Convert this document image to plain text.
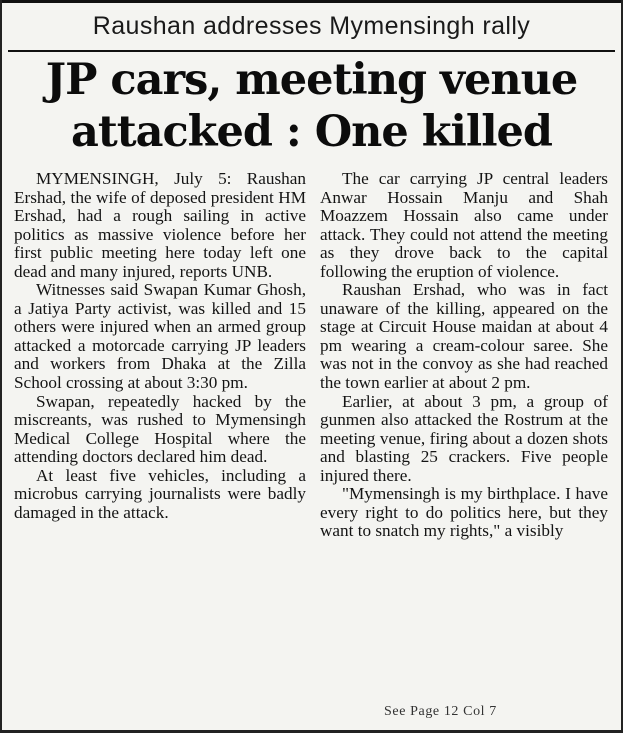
Raushan addresses Mymensingh rally
JP cars, meeting venue
attacked : One killed

MYMENSINGH, July 5: Raushan Ershad, the wife of deposed president HM Ershad, had a rough sailing in active politics as massive violence before her first public meeting here today left one dead and many injured, reports UNB.

Witnesses said Swapan Kumar Ghosh, a Jatiya Party activist, was killed and 15 others were injured when an armed group attacked a motorcade carrying JP leaders and workers from Dhaka at the Zilla School crossing at about 3:30 pm.

Swapan, repeatedly hacked by the miscreants, was rushed to Mymensingh Medical College Hospital where the attending doctors declared him dead.

At least five vehicles, including a microbus carrying journalists were badly damaged in the attack.

The car carrying JP central leaders Anwar Hossain Manju and Shah Moazzem Hossain also came under attack. They could not attend the meeting as they drove back to the capital following the eruption of violence.

Raushan Ershad, who was in fact unaware of the killing, appeared on the stage at Circuit House maidan at about 4 pm wearing a cream-colour saree. She was not in the convoy as she had reached the town earlier at about 2 pm.

Earlier, at about 3 pm, a group of gunmen also attacked the Rostrum at the meeting venue, firing about a dozen shots and blasting 25 crackers. Five people injured there.

"Mymensingh is my birthplace. I have every right to do politics here, but they want to snatch my rights," a visibly

See Page 12 Col 7
